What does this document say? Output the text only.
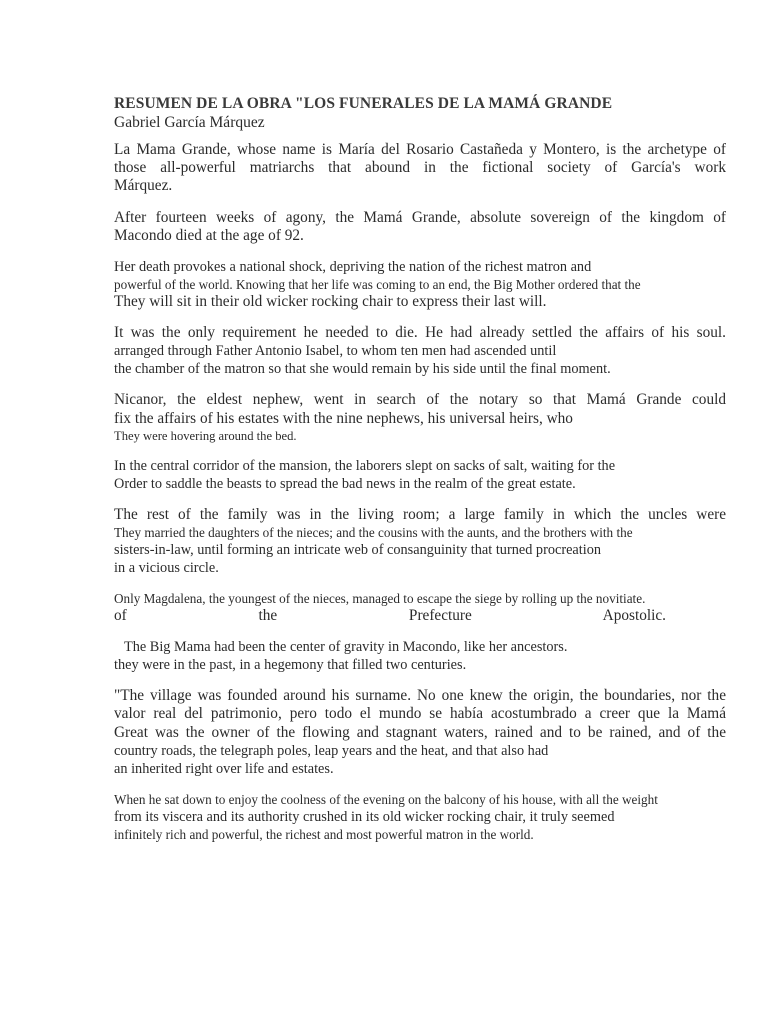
RESUMEN DE LA OBRA "LOS FUNERALES DE LA MAMÁ GRANDE

Gabriel García Márquez

La Mama Grande, whose name is María del Rosario Castañeda y Montero, is the archetype of
those all-powerful matriarchs that abound in the fictional society of García's work
Márquez.
After fourteen weeks of agony, the Mamá Grande, absolute sovereign of the kingdom of
Macondo died at the age of 92.
Her death provokes a national shock, depriving the nation of the richest matron and
powerful of the world. Knowing that her life was coming to an end, the Big Mother ordered that the
They will sit in their old wicker rocking chair to express their last will.
It was the only requirement he needed to die. He had already settled the affairs of his soul.
arranged through Father Antonio Isabel, to whom ten men had ascended until
the chamber of the matron so that she would remain by his side until the final moment.
Nicanor, the eldest nephew, went in search of the notary so that Mamá Grande could
fix the affairs of his estates with the nine nephews, his universal heirs, who
They were hovering around the bed.
In the central corridor of the mansion, the laborers slept on sacks of salt, waiting for the
Order to saddle the beasts to spread the bad news in the realm of the great estate.
The rest of the family was in the living room; a large family in which the uncles were
They married the daughters of the nieces; and the cousins with the aunts, and the brothers with the
sisters-in-law, until forming an intricate web of consanguinity that turned procreation
in a vicious circle.
Only Magdalena, the youngest of the nieces, managed to escape the siege by rolling up the novitiate.
of the Prefecture Apostolic.
The Big Mama had been the center of gravity in Macondo, like her ancestors.
they were in the past, in a hegemony that filled two centuries.
"The village was founded around his surname. No one knew the origin, the boundaries, nor the
valor real del patrimonio, pero todo el mundo se había acostumbrado a creer que la Mamá
Great was the owner of the flowing and stagnant waters, rained and to be rained, and of the
country roads, the telegraph poles, leap years and the heat, and that also had
an inherited right over life and estates.
When he sat down to enjoy the coolness of the evening on the balcony of his house, with all the weight
from its viscera and its authority crushed in its old wicker rocking chair, it truly seemed
infinitely rich and powerful, the richest and most powerful matron in the world.
